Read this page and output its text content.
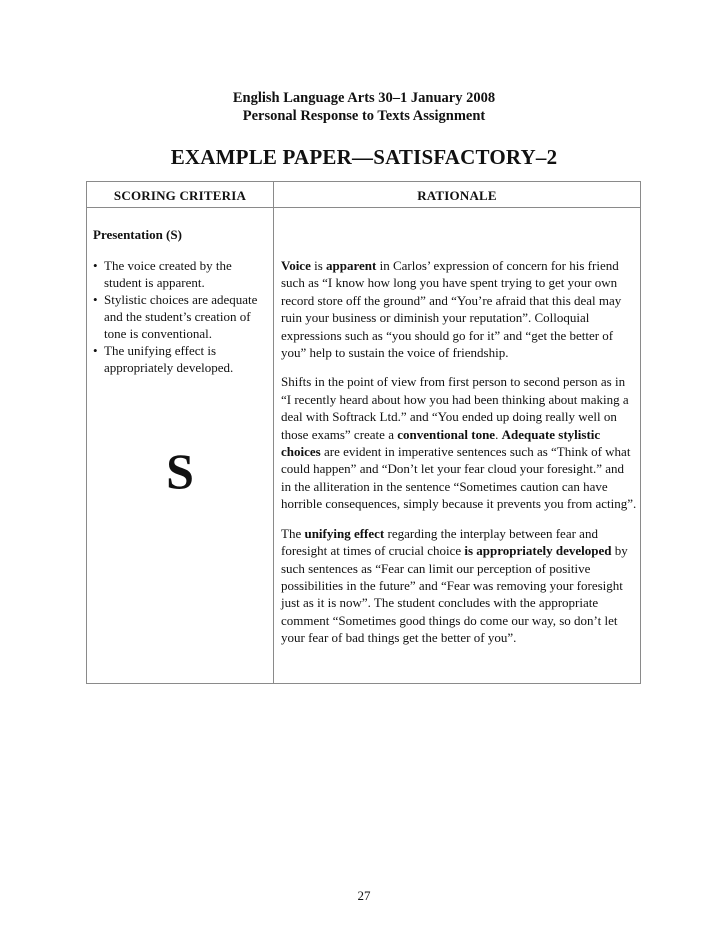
English Language Arts 30–1 January 2008
Personal Response to Texts Assignment
EXAMPLE PAPER—SATISFACTORY–2
SCORING CRITERIA	RATIONALE
Presentation (S)
• The voice created by the student is apparent.
• Stylistic choices are adequate and the student’s creation of tone is conventional.
• The unifying effect is appropriately developed.
S

Voice is apparent in Carlos’ expression of concern for his friend such as “I know how long you have spent trying to get your own record store off the ground” and “You’re afraid that this deal may ruin your business or diminish your reputation”. Colloquial expressions such as “you should go for it” and “get the better of you” help to sustain the voice of friendship.

Shifts in the point of view from first person to second person as in “I recently heard about how you had been thinking about making a deal with Softrack Ltd.” and “You ended up doing really well on those exams” create a conventional tone. Adequate stylistic choices are evident in imperative sentences such as “Think of what could happen” and “Don’t let your fear cloud your foresight.” and in the alliteration in the sentence “Sometimes caution can have horrible consequences, simply because it prevents you from acting”.

The unifying effect regarding the interplay between fear and foresight at times of crucial choice is appropriately developed by such sentences as “Fear can limit our perception of positive possibilities in the future” and “Fear was removing your foresight just as it is now”. The student concludes with the appropriate comment “Sometimes good things do come our way, so don’t let your fear of bad things get the better of you”.

27
